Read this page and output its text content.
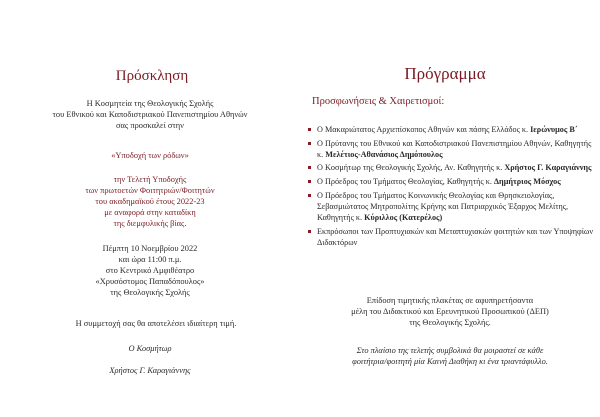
Πρόσκληση
Η Κοσμητεία της Θεολογικής Σχολής
του Εθνικού και Καποδιστριακού Πανεπιστημίου Αθηνών
σας προσκαλεί στην
«Υποδοχή των ρόδων»
την Τελετή Υποδοχής
των πρωτοετών Φοιτητριών/Φοιτητών
του ακαδημαϊκού έτους 2022-23
με αναφορά στην καταδίκη
της διεμφυλικής βίας.
Πέμπτη 10 Νοεμβρίου 2022
και ώρα 11:00 π.μ.
στο Κεντρικό Αμφιθέατρο
«Χρυσόστομος Παπαδόπουλος»
της Θεολογικής Σχολής
Η συμμετοχή σας θα αποτελέσει ιδιαίτερη τιμή.
Ο Κοσμήτωρ
Χρήστος Γ. Καραγιάννης
Πρόγραμμα
Προσφωνήσεις & Χαιρετισμοί:
Ο Μακαριώτατος Αρχιεπίσκοπος Αθηνών και πάσης Ελλάδος κ. Ιερώνυμος Β΄
Ο Πρύτανης του Εθνικού και Καποδιστριακού Πανεπιστημίου Αθηνών, Καθηγητής κ. Μελέτιος-Αθανάσιος Δημόπουλος
Ο Κοσμήτωρ της Θεολογικής Σχολής, Αν. Καθηγητής κ. Χρήστος Γ. Καραγιάννης
Ο Πρόεδρος του Τμήματος Θεολογίας, Καθηγητής κ. Δημήτριος Μόσχος
Ο Πρόεδρος του Τμήματος Κοινωνικής Θεολογίας και Θρησκειολογίας, Σεβασμιώτατος Μητροπολίτης Κρήνης και Πατριαρχικός Έξαρχος Μελίτης, Καθηγητής κ. Κύριλλος (Κατερέλος)
Εκπρόσωποι των Προπτυχιακών και Μεταπτυχιακών φοιτητών και των Υποψηφίων Διδακτόρων
Επίδοση τιμητικής πλακέτας σε αφυπηρετήσαντα
μέλη του Διδακτικού και Ερευνητικού Προσωπικού (ΔΕΠ)
της Θεολογικής Σχολής.
Στο πλαίσιο της τελετής συμβολικά θα μοιραστεί σε κάθε
φοιτήτρια/φοιτητή μία Καινή Διαθήκη κι ένα τριαντάφυλλο.
